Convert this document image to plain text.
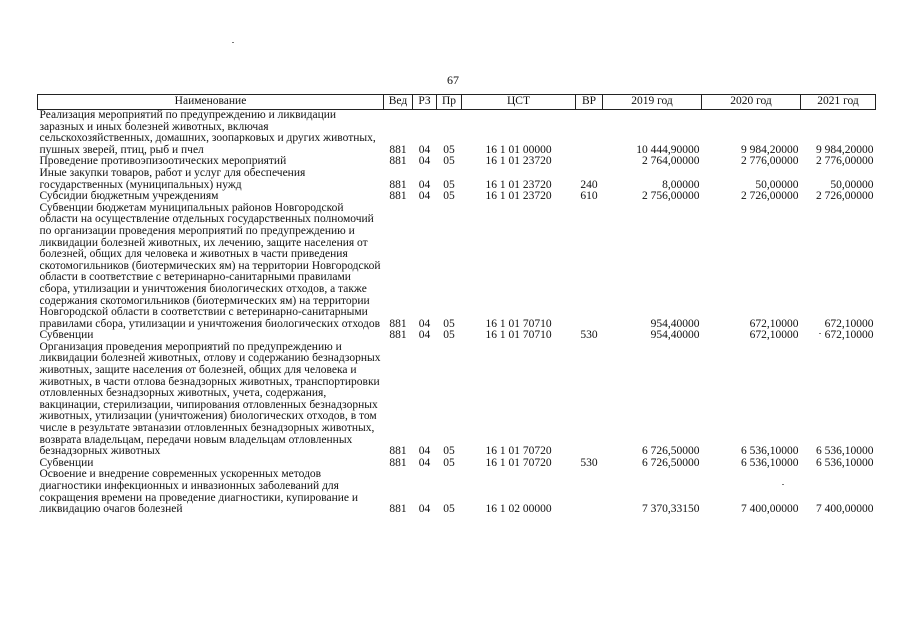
67
Наименование	Вед	РЗ	Пр	ЦСТ	ВР	2019 год	2020 год	2021 год
Реализация мероприятий по предупреждению и ликвидации заразных и иных болезней животных, включая сельскохозяйственных, домашних, зоопарковых и других животных, пушных зверей, птиц, рыб и пчел	881	04	05	16 1 01 00000		10 444,90000	9 984,20000	9 984,20000
Проведение противоэпизоотических мероприятий	881	04	05	16 1 01 23720		2 764,00000	2 776,00000	2 776,00000
Иные закупки товаров, работ и услуг для обеспечения государственных (муниципальных) нужд	881	04	05	16 1 01 23720	240	8,00000	50,00000	50,00000
Субсидии бюджетным учреждениям	881	04	05	16 1 01 23720	610	2 756,00000	2 726,00000	2 726,00000
Субвенции бюджетам муниципальных районов Новгородской области на осуществление отдельных государственных полномочий по организации проведения мероприятий по предупреждению и ликвидации болезней животных, их лечению, защите населения от болезней, общих для человека и животных в части приведения скотомогильников (биотермических ям) на территории Новгородской области в соответствие с ветеринарно-санитарными правилами сбора, утилизации и уничтожения биологических отходов, а также содержания скотомогильников (биотермических ям) на территории Новгородской области в соответствии с ветеринарно-санитарными правилами сбора, утилизации и уничтожения биологических отходов	881	04	05	16 1 01 70710		954,40000	672,10000	672,10000
Субвенции	881	04	05	16 1 01 70710	530	954,40000	672,10000	672,10000
Организация проведения мероприятий по предупреждению и ликвидации болезней животных, отлову и содержанию безнадзорных животных, защите населения от болезней, общих для человека и животных, в части отлова безнадзорных животных, транспортировки отловленных безнадзорных животных, учета, содержания, вакцинации, стерилизации, чипирования отловленных безнадзорных животных, утилизации (уничтожения) биологических отходов, в том числе в результате эвтаназии отловленных безнадзорных животных, возврата владельцам, передачи новым владельцам отловленных безнадзорных животных	881	04	05	16 1 01 70720		6 726,50000	6 536,10000	6 536,10000
Субвенции	881	04	05	16 1 01 70720	530	6 726,50000	6 536,10000	6 536,10000
Освоение и внедрение современных ускоренных методов диагностики инфекционных и инвазионных заболеваний для сокращения времени на проведение диагностики, купирование и ликвидацию очагов болезней	881	04	05	16 1 02 00000		7 370,33150	7 400,00000	7 400,00000
